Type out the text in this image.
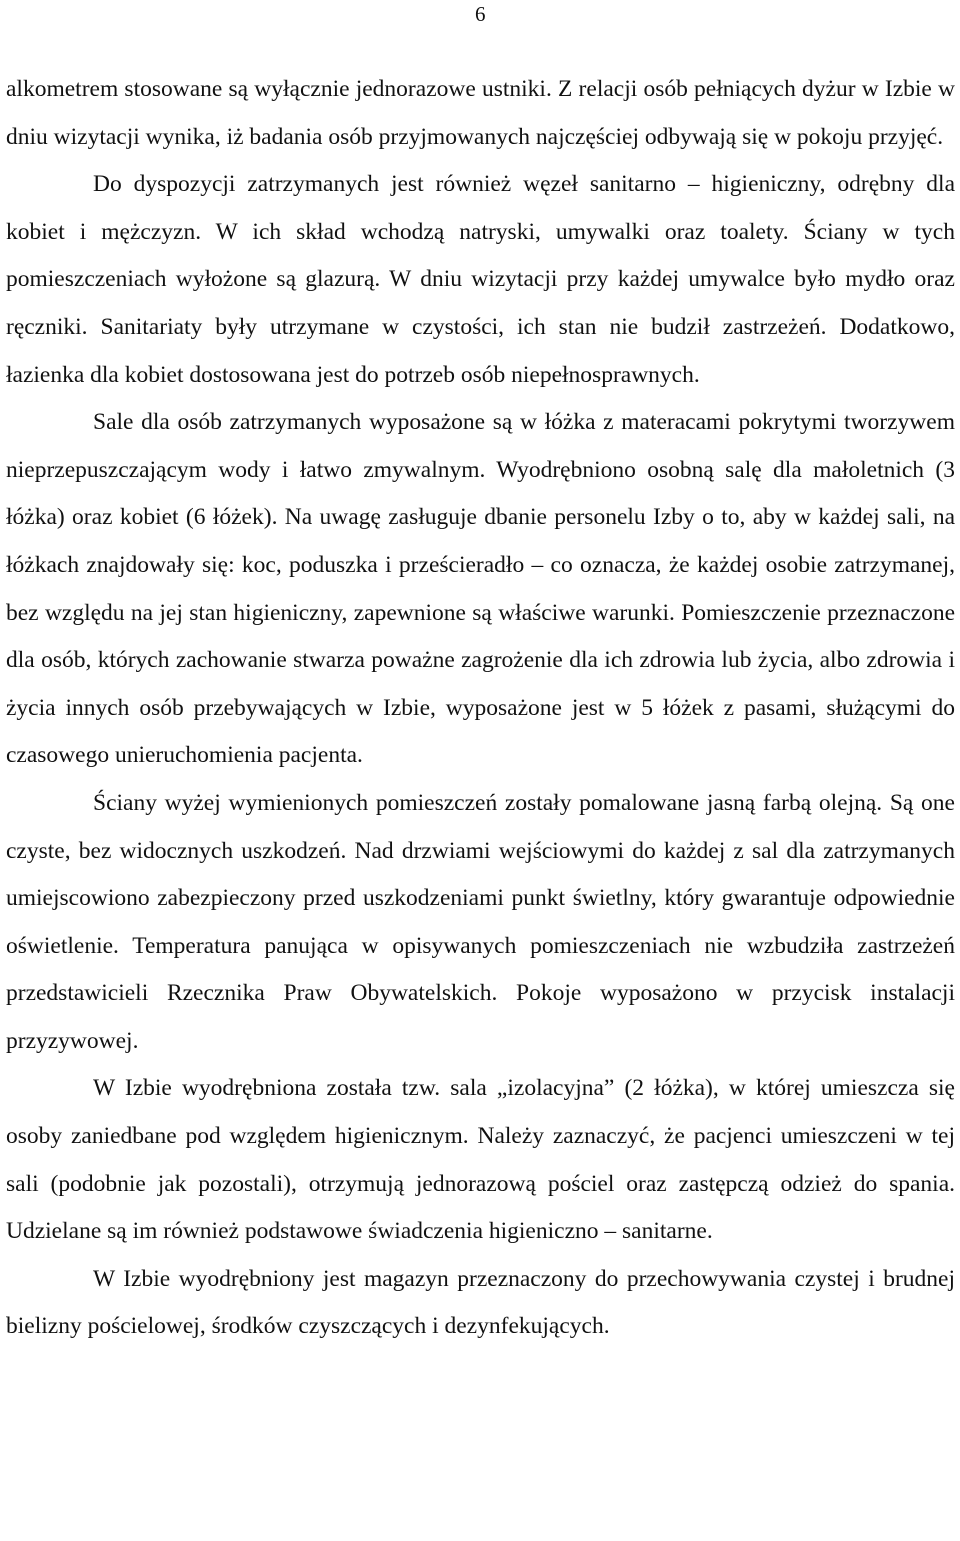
6

alkometrem stosowane są wyłącznie jednorazowe ustniki. Z relacji osób pełniących dyżur w Izbie w dniu wizytacji wynika, iż badania osób przyjmowanych najczęściej odbywają się w pokoju przyjęć.

Do dyspozycji zatrzymanych jest również węzeł sanitarno – higieniczny, odrębny dla kobiet i mężczyzn. W ich skład wchodzą natryski, umywalki oraz toalety. Ściany w tych pomieszczeniach wyłożone są glazurą. W dniu wizytacji przy każdej umywalce było mydło oraz ręczniki. Sanitariaty były utrzymane w czystości, ich stan nie budził zastrzeżeń. Dodatkowo, łazienka dla kobiet dostosowana jest do potrzeb osób niepełnosprawnych.

Sale dla osób zatrzymanych wyposażone są w łóżka z materacami pokrytymi tworzywem nieprzepuszczającym wody i łatwo zmywalnym. Wyodrębniono osobną salę dla małoletnich (3 łóżka) oraz kobiet (6 łóżek). Na uwagę zasługuje dbanie personelu Izby o to, aby w każdej sali, na łóżkach znajdowały się: koc, poduszka i prześcieradło – co oznacza, że każdej osobie zatrzymanej, bez względu na jej stan higieniczny, zapewnione są właściwe warunki. Pomieszczenie przeznaczone dla osób, których zachowanie stwarza poważne zagrożenie dla ich zdrowia lub życia, albo zdrowia i życia innych osób przebywających w Izbie, wyposażone jest w 5 łóżek z pasami, służącymi do czasowego unieruchomienia pacjenta.

Ściany wyżej wymienionych pomieszczeń zostały pomalowane jasną farbą olejną. Są one czyste, bez widocznych uszkodzeń. Nad drzwiami wejściowymi do każdej z sal dla zatrzymanych umiejscowiono zabezpieczony przed uszkodzeniami punkt świetlny, który gwarantuje odpowiednie oświetlenie. Temperatura panująca w opisywanych pomieszczeniach nie wzbudziła zastrzeżeń przedstawicieli Rzecznika Praw Obywatelskich. Pokoje wyposażono w przycisk instalacji przyzywowej.

W Izbie wyodrębniona została tzw. sala „izolacyjna” (2 łóżka), w której umieszcza się osoby zaniedbane pod względem higienicznym. Należy zaznaczyć, że pacjenci umieszczeni w tej sali (podobnie jak pozostali), otrzymują jednorazową pościel oraz zastępczą odzież do spania. Udzielane są im również podstawowe świadczenia higieniczno – sanitarne.

W Izbie wyodrębniony jest magazyn przeznaczony do przechowywania czystej i brudnej bielizny pościelowej, środków czyszczących i dezynfekujących.
